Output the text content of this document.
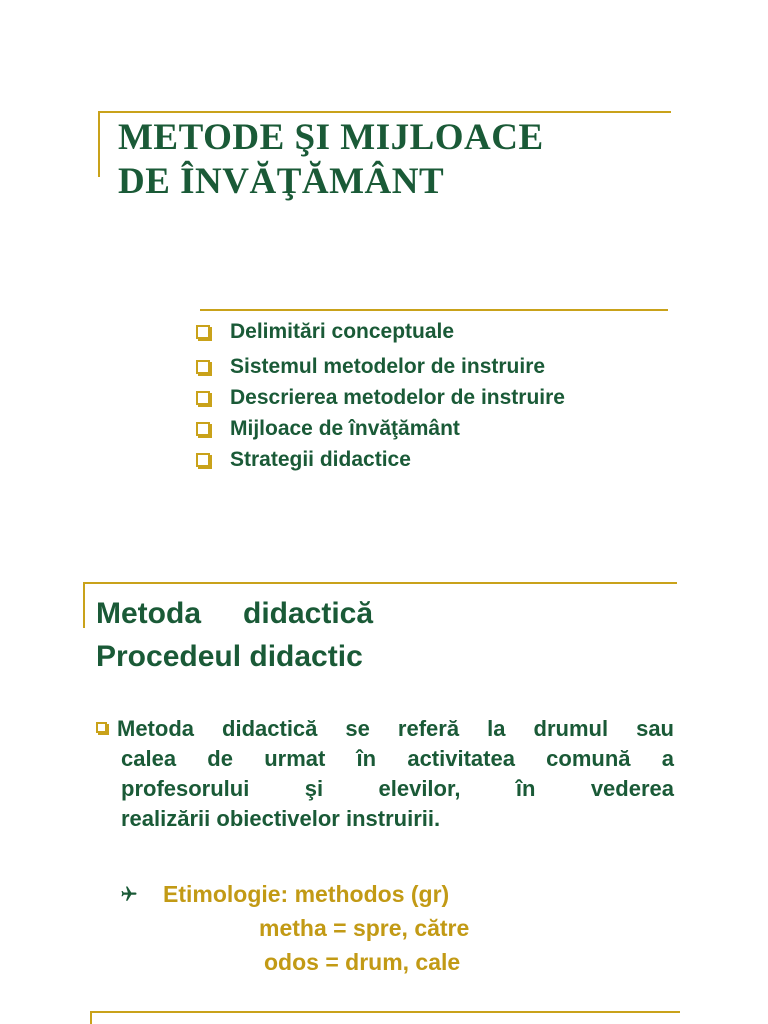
METODE ŞI MIJLOACE
DE ÎNVĂŢĂMÂNT
Delimitări conceptuale
Sistemul metodelor de instruire
Descrierea metodelor de instruire
Mijloace de învăţământ
Strategii didactice
Metoda didactică
Procedeul didactic
Metoda didactică se referă la drumul sau
calea de urmat în activitatea comună a
profesorului şi elevilor, în vederea
realizării obiectivelor instruirii.
Etimologie: methodos (gr)
metha = spre, către
odos = drum, cale
